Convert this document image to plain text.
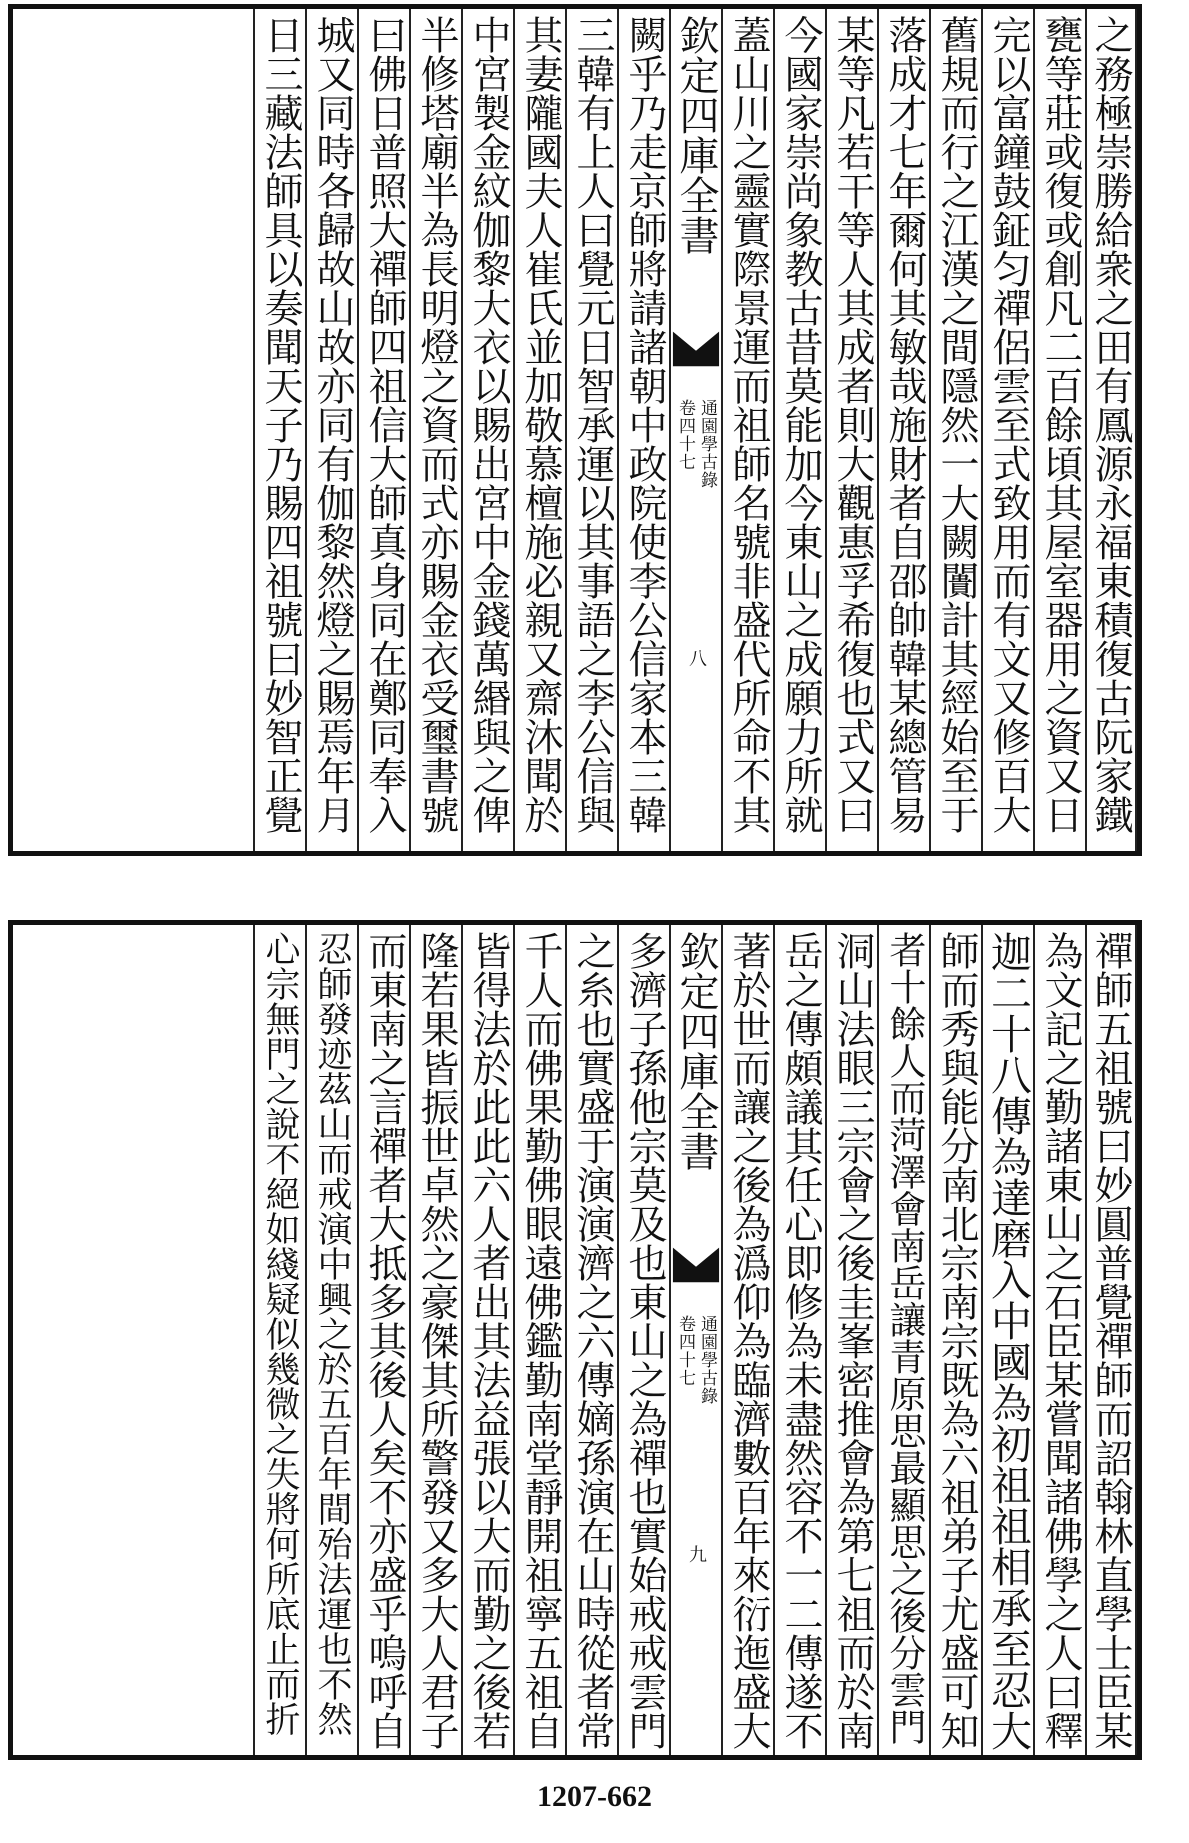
之務極崇勝給衆之田有鳳源永福東積復古阮家鐵
甕等莊或復或創凡二百餘頃其屋室器用之資又日
完以富鐘鼓鉦匀禪侶雲至式致用而有文又修百大
舊規而行之江漢之間隱然一大闕闠計其經始至于
落成才七年爾何其敏哉施財者自邵帥韓某總管易
某等凡若干等人其成者則大觀惠孚希復也式又曰
今國家崇尚象教古昔莫能加今東山之成願力所就
蓋山川之靈實際景運而祖師名號非盛代所命不其
欽定四庫全書
通園學古錄
卷四十七
八
闕乎乃走京師將請諸朝中政院使李公信家本三韓
三韓有上人曰覺元日智承運以其事語之李公信與
其妻隴國夫人崔氏並加敬慕檀施必親又齋沐聞於
中宮製金紋伽黎大衣以賜出宮中金錢萬緡與之俾
半修塔廟半為長明燈之資而式亦賜金衣受璽書號
曰佛日普照大禪師四祖信大師真身同在鄭同奉入
城又同時各歸故山故亦同有伽黎然燈之賜焉年月
日三藏法師具以奏聞天子乃賜四祖號曰妙智正覺
禪師五祖號曰妙圓普覺禪師而詔翰林直學士臣某
為文記之勤諸東山之石臣某嘗聞諸佛學之人曰釋
迦二十八傳為達磨入中國為初祖祖相承至忍大
師而秀與能分南北宗南宗既為六祖弟子尤盛可知
者十餘人而菏澤會南岳讓青原思最顯思之後分雲門
洞山法眼三宗會之後圭峯密推會為第七祖而於南
岳之傳頗議其任心即修為未盡然容不一二傳遂不
著於世而讓之後為潙仰為臨濟數百年來衍迤盛大
欽定四庫全書
通園學古錄
卷四十七
九
多濟子孫他宗莫及也東山之為禪也實始戒戒雲門
之糸也實盛于演演濟之六傳嫡孫演在山時從者常
千人而佛果勤佛眼遠佛鑑勤南堂靜開祖寧五祖自
皆得法於此此六人者出其法益張以大而勤之後若
隆若果皆振世卓然之豪傑其所警發又多大人君子
而東南之言禪者大抵多其後人矣不亦盛乎嗚呼自
忍師發迹茲山而戒演中興之於五百年間殆法運也不然
心宗無門之說不絕如綫疑似幾微之失將何所底止而折
1207-662
